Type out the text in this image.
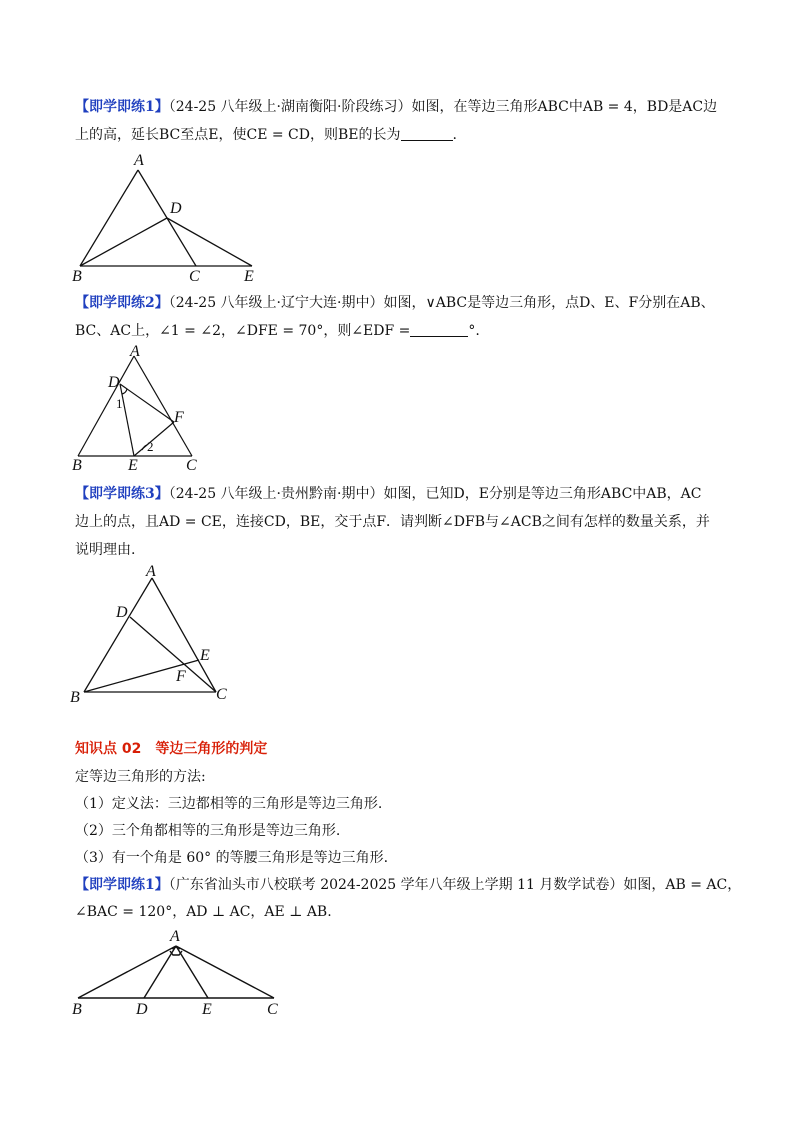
【即学即练1】（24-25 八年级上·湖南衡阳·阶段练习）如图，在等边三角形ABC中AB = 4，BD是AC边
上的高，延长BC至点E，使CE = CD，则BE的长为	.
A
D
B	C	E
【即学即练2】（24-25 八年级上·辽宁大连·期中）如图，∨ABC是等边三角形，点D、E、F分别在AB、
BC、AC上，∠1 = ∠2，∠DFE = 70°，则∠EDF =	°.
A
D
1
F
2
B	E	C
【即学即练3】（24-25 八年级上·贵州黔南·期中）如图，已知D，E分别是等边三角形ABC中AB，AC
边上的点，且AD = CE，连接CD，BE，交于点F．请判断∠DFB与∠ACB之间有怎样的数量关系，并
说明理由.
A
D
E
F
B	C
知识点 02　等边三角形的判定
定等边三角形的方法:
（1）定义法：三边都相等的三角形是等边三角形.
（2）三个角都相等的三角形是等边三角形.
（3）有一个角是 60° 的等腰三角形是等边三角形.
【即学即练1】（广东省汕头市八校联考 2024-2025 学年八年级上学期 11 月数学试卷）如图，AB = AC，
∠BAC = 120°，AD ⊥ AC，AE ⊥ AB.
A
B	D	E	C
